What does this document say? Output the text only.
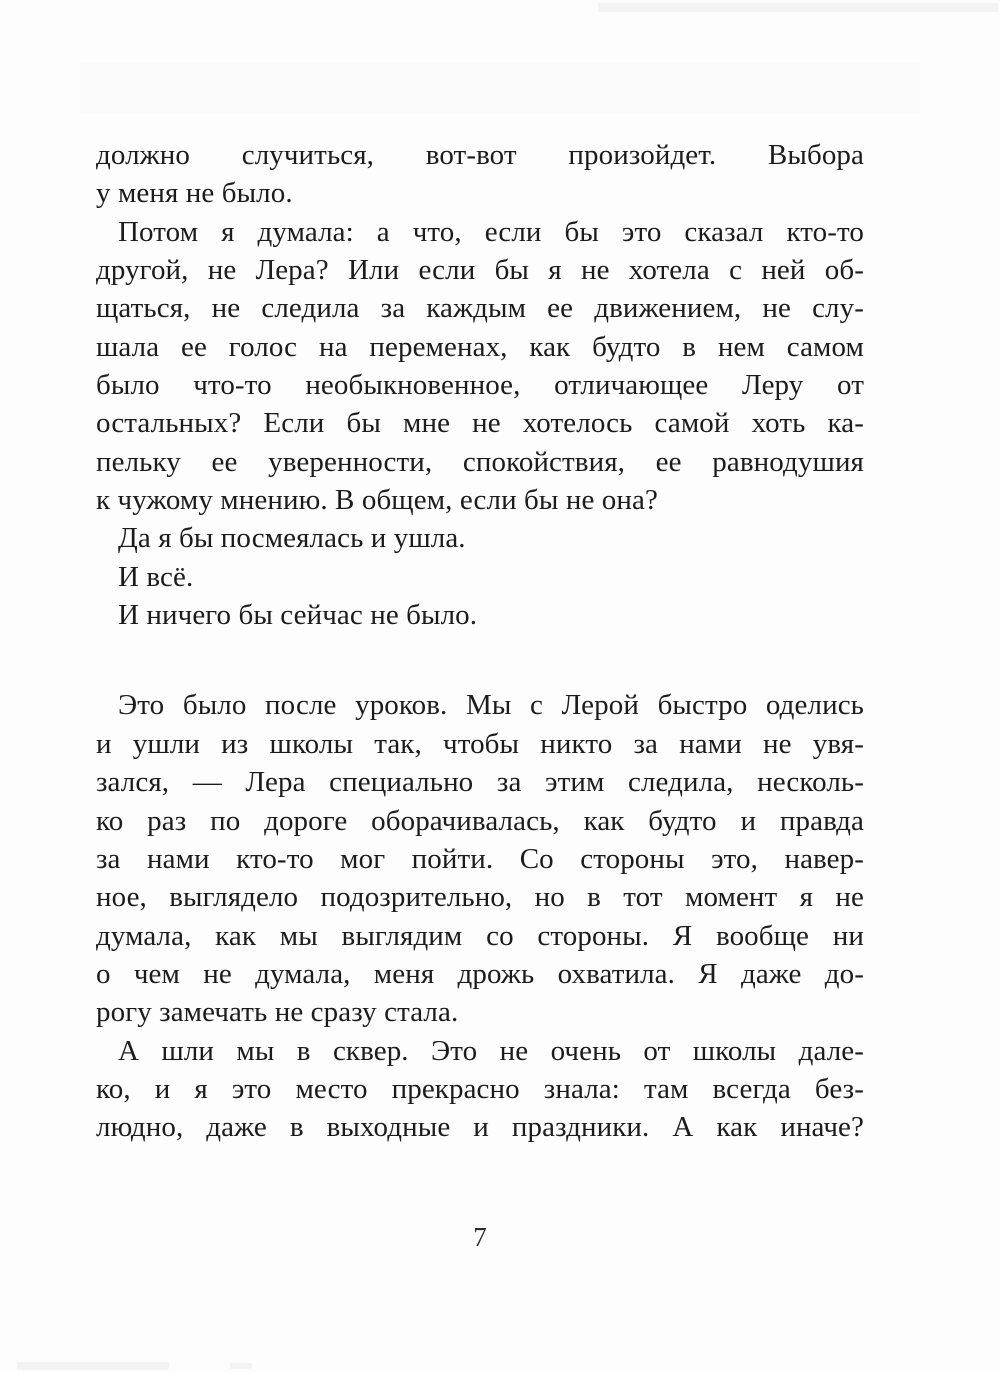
должно случиться, вот-вот произойдет. Выбора
у меня не было.
Потом я думала: а что, если бы это сказал кто-то
другой, не Лера? Или если бы я не хотела с ней об-
щаться, не следила за каждым ее движением, не слу-
шала ее голос на переменах, как будто в нем самом
было что-то необыкновенное, отличающее Леру от
остальных? Если бы мне не хотелось самой хоть ка-
пельку ее уверенности, спокойствия, ее равнодушия
к чужому мнению. В общем, если бы не она?
Да я бы посмеялась и ушла.
И всё.
И ничего бы сейчас не было.
Это было после уроков. Мы с Лерой быстро оделись
и ушли из школы так, чтобы никто за нами не увя-
зался, — Лера специально за этим следила, несколь-
ко раз по дороге оборачивалась, как будто и правда
за нами кто-то мог пойти. Со стороны это, навер-
ное, выглядело подозрительно, но в тот момент я не
думала, как мы выглядим со стороны. Я вообще ни
о чем не думала, меня дрожь охватила. Я даже до-
рогу замечать не сразу стала.
А шли мы в сквер. Это не очень от школы дале-
ко, и я это место прекрасно знала: там всегда без-
людно, даже в выходные и праздники. А как иначе?
7
